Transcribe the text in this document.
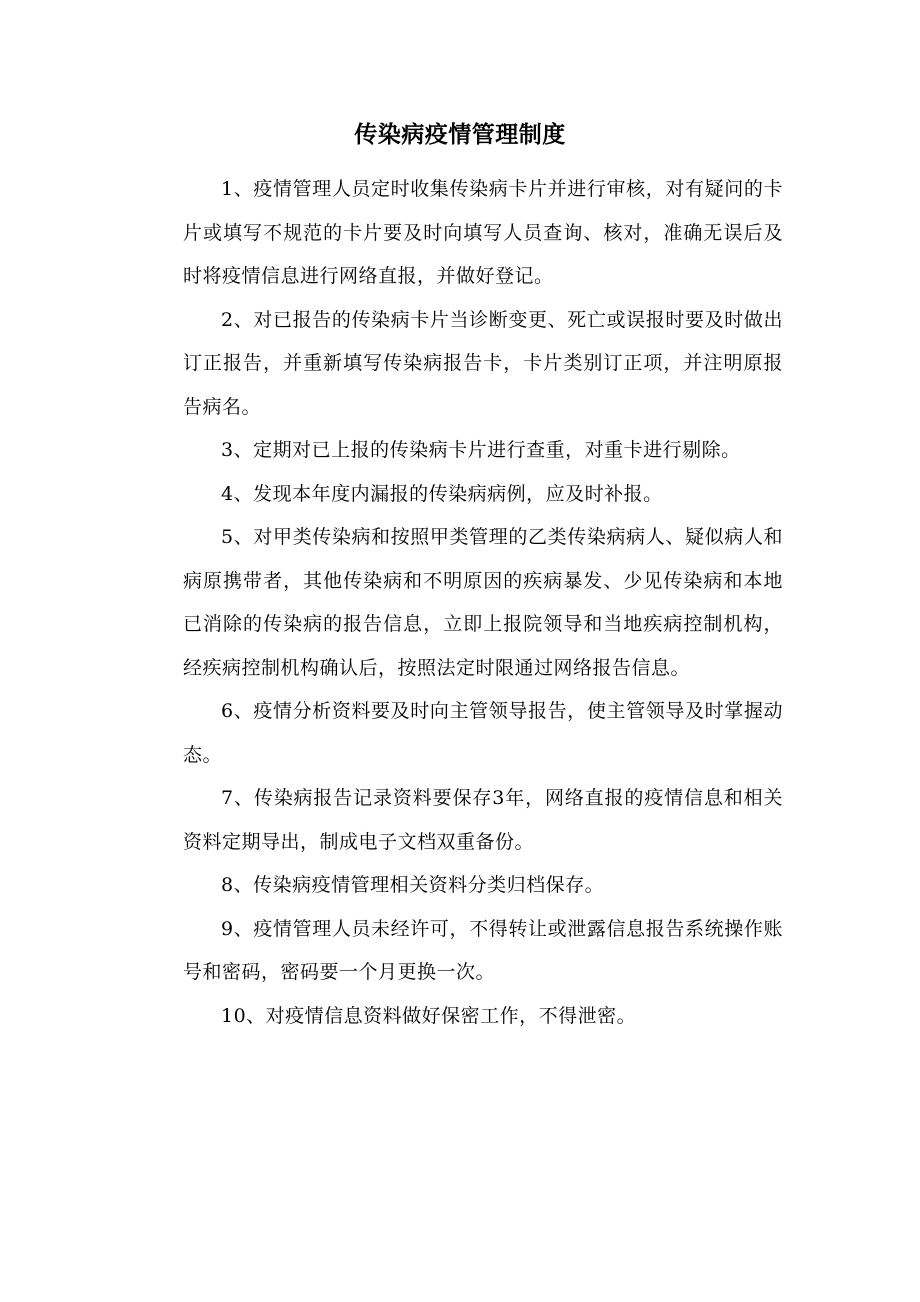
传染病疫情管理制度

1、疫情管理人员定时收集传染病卡片并进行审核，对有疑问的卡片或填写不规范的卡片要及时向填写人员查询、核对，准确无误后及时将疫情信息进行网络直报，并做好登记。

2、对已报告的传染病卡片当诊断变更、死亡或误报时要及时做出订正报告，并重新填写传染病报告卡，卡片类别订正项，并注明原报告病名。

3、定期对已上报的传染病卡片进行查重，对重卡进行剔除。

4、发现本年度内漏报的传染病病例，应及时补报。

5、对甲类传染病和按照甲类管理的乙类传染病病人、疑似病人和病原携带者，其他传染病和不明原因的疾病暴发、少见传染病和本地已消除的传染病的报告信息，立即上报院领导和当地疾病控制机构，经疾病控制机构确认后，按照法定时限通过网络报告信息。

6、疫情分析资料要及时向主管领导报告，使主管领导及时掌握动态。

7、传染病报告记录资料要保存3年，网络直报的疫情信息和相关资料定期导出，制成电子文档双重备份。

8、传染病疫情管理相关资料分类归档保存。

9、疫情管理人员未经许可，不得转让或泄露信息报告系统操作账号和密码，密码要一个月更换一次。

10、对疫情信息资料做好保密工作，不得泄密。
